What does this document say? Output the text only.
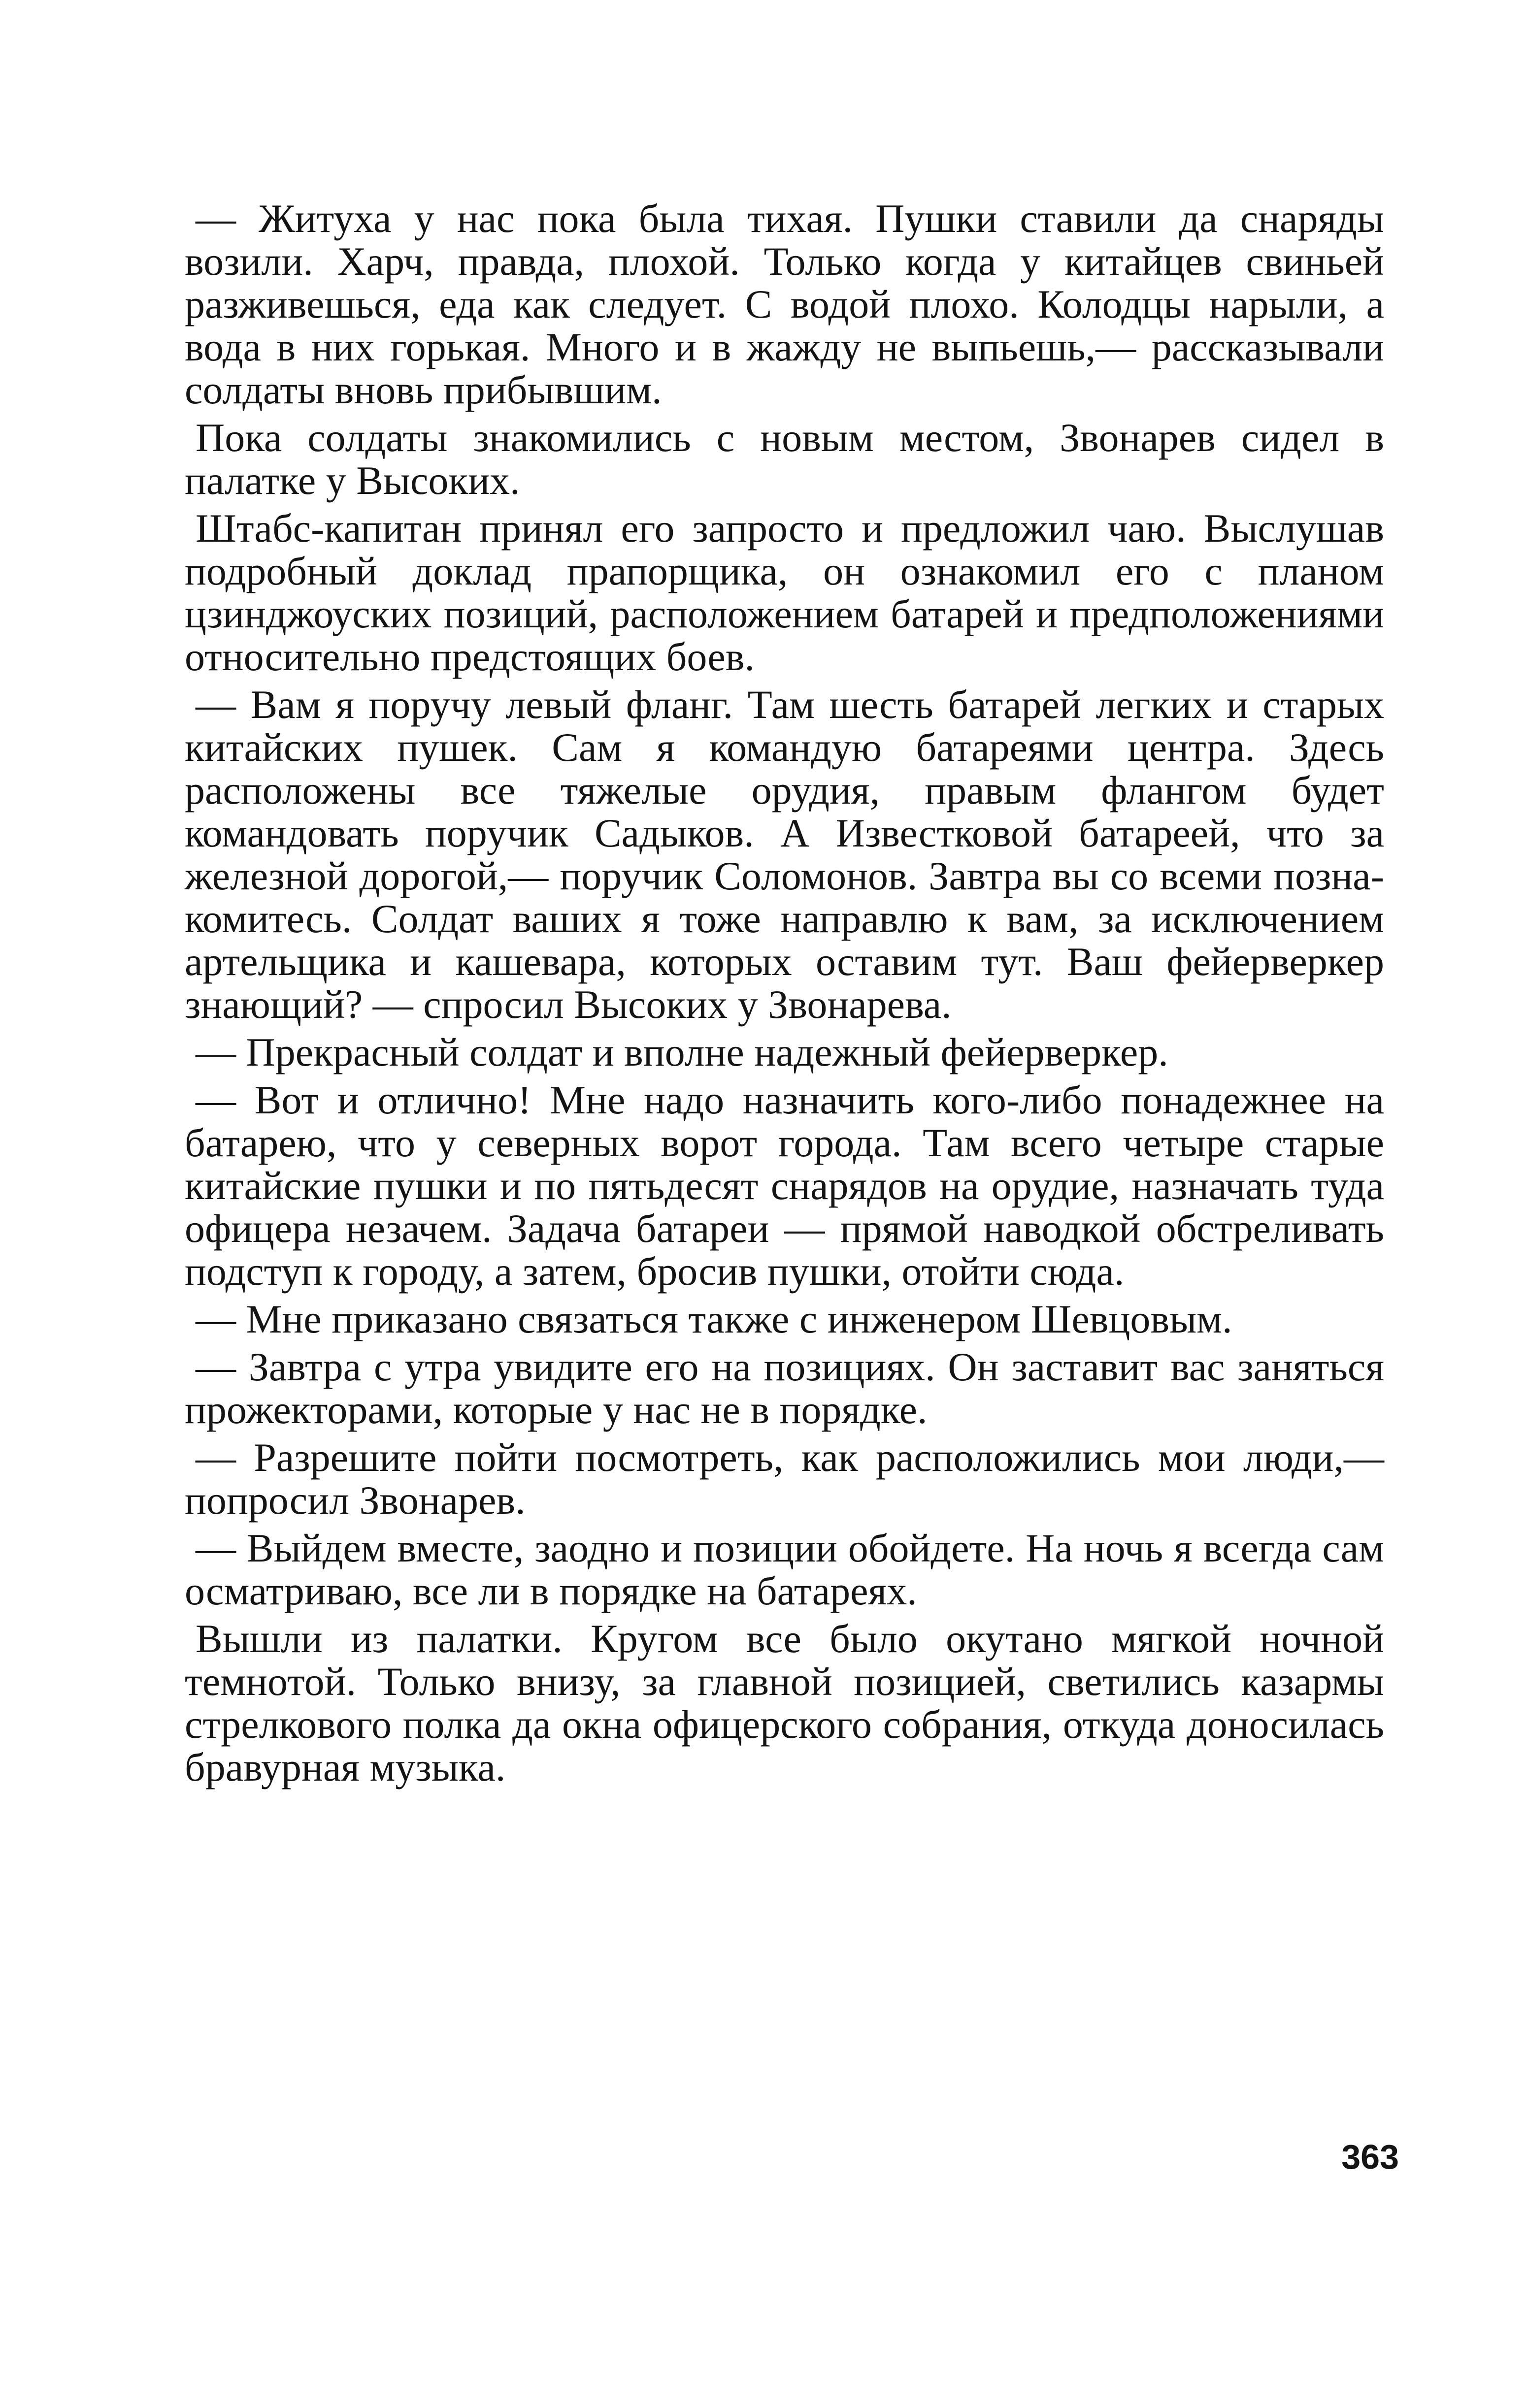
— Житуха у нас пока была тихая. Пушки ставили да снаряды возили. Харч, правда, плохой. Только когда у китайцев свиньей разживешься, еда как следует. С водой плохо. Колодцы нарыли, а вода в них горькая. Много и в жажду не выпьешь,— рассказывали солдаты вновь прибывшим.

Пока солдаты знакомились с новым местом, Звонарев сидел в палатке у Высоких.

Штабс-капитан принял его запросто и предложил чаю. Выслушав подробный доклад прапорщика, он ознакомил его с планом цзинджоуских позиций, расположением батарей и предположениями относительно предстоящих боев.

— Вам я поручу левый фланг. Там шесть батарей легких и старых китайских пушек. Сам я командую батареями центра. Здесь расположены все тяжелые орудия, правым флангом будет командовать поручик Садыков. А Известковой батареей, что за железной дорогой,— поручик Соломонов. Завтра вы со всеми познакомитесь. Солдат ваших я тоже направлю к вам, за исключением артельщика и кашевара, которых оставим тут. Ваш фейерверкер знающий? — спросил Высоких у Звонарева.

— Прекрасный солдат и вполне надежный фейерверкер.

— Вот и отлично! Мне надо назначить кого-либо понадежнее на батарею, что у северных ворот города. Там всего четыре старые китайские пушки и по пятьдесят снарядов на орудие, назначать туда офицера незачем. Задача батареи — прямой наводкой обстреливать подступ к городу, а затем, бросив пушки, отойти сюда.

— Мне приказано связаться также с инженером Шевцовым.

— Завтра с утра увидите его на позициях. Он заставит вас заняться прожекторами, которые у нас не в порядке.

— Разрешите пойти посмотреть, как расположились мои люди,— попросил Звонарев.

— Выйдем вместе, заодно и позиции обойдете. На ночь я всегда сам осматриваю, все ли в порядке на батареях.

Вышли из палатки. Кругом все было окутано мягкой ночной темнотой. Только внизу, за главной позицией, светились казармы стрелкового полка да окна офицерского собрания, откуда доносилась бравурная музыка.

363
